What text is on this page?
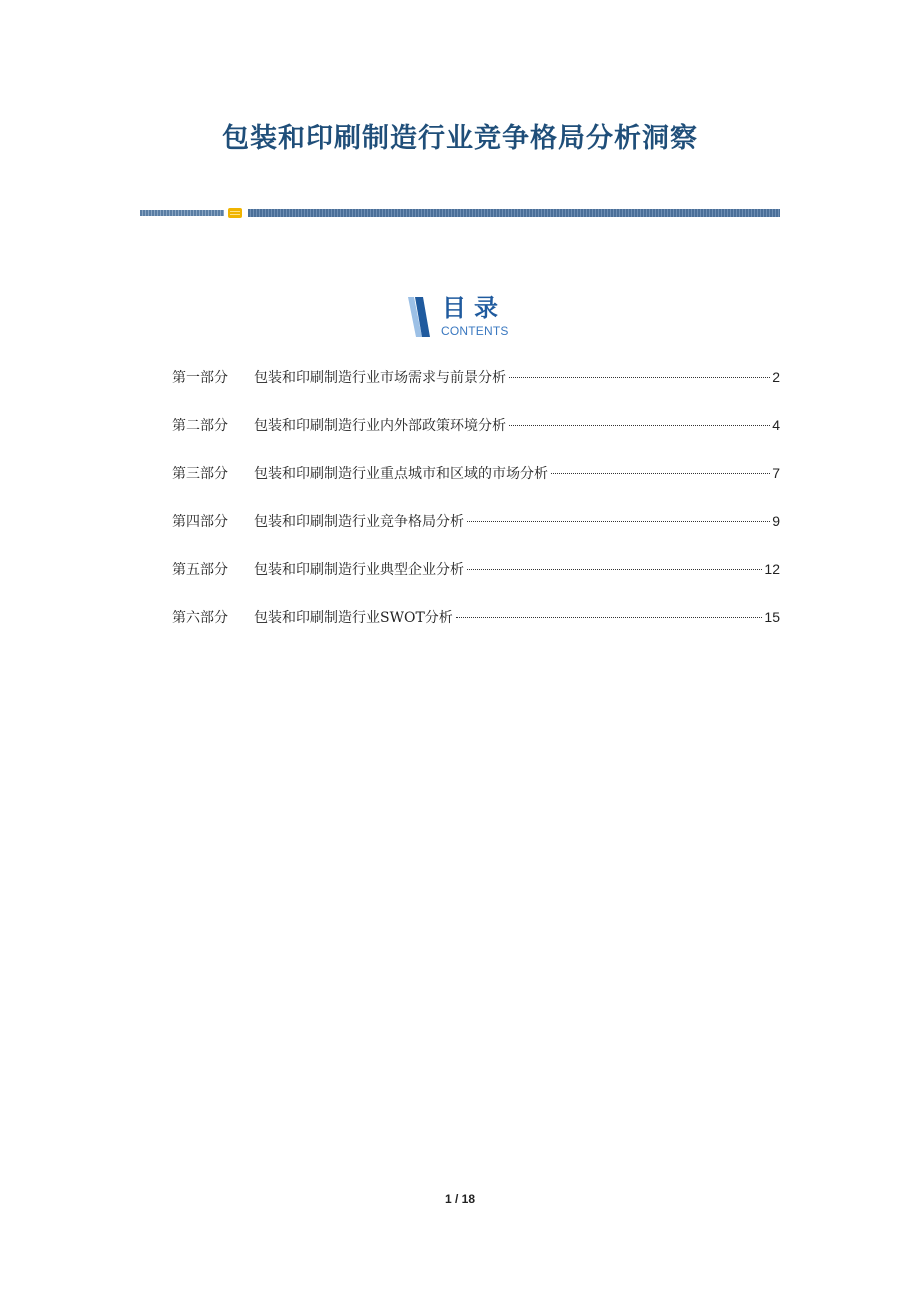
包装和印刷制造行业竞争格局分析洞察
目录
CONTENTS
第一部分	包装和印刷制造行业市场需求与前景分析	2
第二部分	包装和印刷制造行业内外部政策环境分析	4
第三部分	包装和印刷制造行业重点城市和区域的市场分析	7
第四部分	包装和印刷制造行业竞争格局分析	9
第五部分	包装和印刷制造行业典型企业分析	12
第六部分	包装和印刷制造行业SWOT分析	15
1 / 18
